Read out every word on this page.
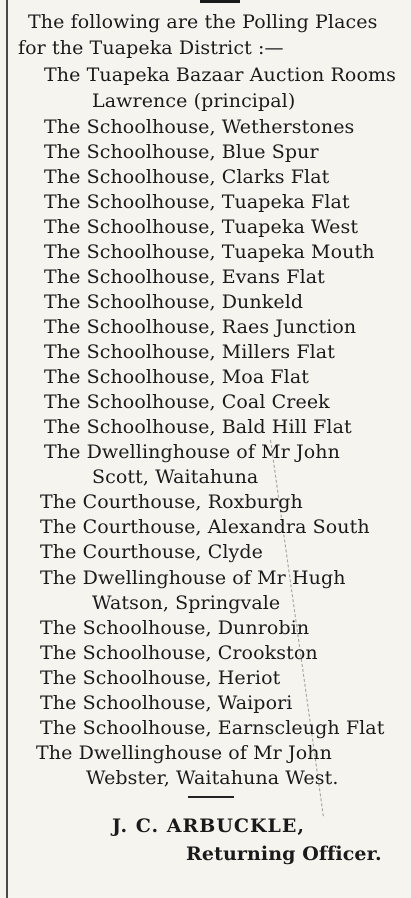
The following are the Polling Places
for the Tuapeka District :—
The Tuapeka Bazaar Auction Rooms
Lawrence (principal)
The Schoolhouse, Wetherstones
The Schoolhouse, Blue Spur
The Schoolhouse, Clarks Flat
The Schoolhouse, Tuapeka Flat
The Schoolhouse, Tuapeka West
The Schoolhouse, Tuapeka Mouth
The Schoolhouse, Evans Flat
The Schoolhouse, Dunkeld
The Schoolhouse, Raes Junction
The Schoolhouse, Millers Flat
The Schoolhouse, Moa Flat
The Schoolhouse, Coal Creek
The Schoolhouse, Bald Hill Flat
The Dwellinghouse of Mr John
Scott, Waitahuna
The Courthouse, Roxburgh
The Courthouse, Alexandra South
The Courthouse, Clyde
The Dwellinghouse of Mr Hugh
Watson, Springvale
The Schoolhouse, Dunrobin
The Schoolhouse, Crookston
The Schoolhouse, Heriot
The Schoolhouse, Waipori
The Schoolhouse, Earnscleugh Flat
The Dwellinghouse of Mr John
Webster, Waitahuna West.
J. C. ARBUCKLE,
Returning Officer.
